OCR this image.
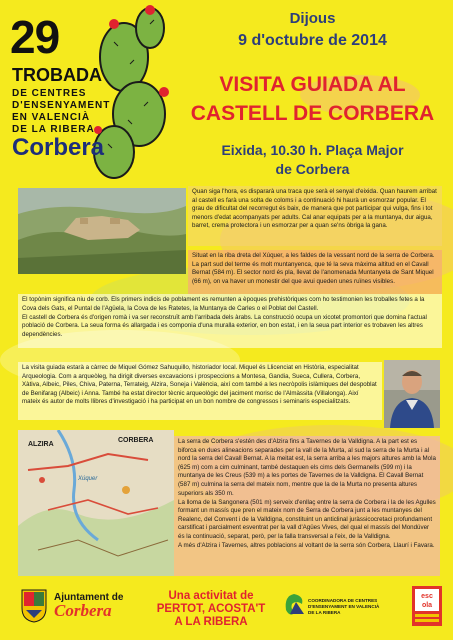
29
TROBADA
DE CENTRES
D'ENSENYAMENT
EN VALENCIÀ
DE LA RIBERA
Corbera
Dijous
9 d'octubre de 2014
VISITA GUIADA AL
CASTELL DE CORBERA
Eixida, 10.30 h. Plaça Major
de Corbera
Quan siga l'hora, es dispararà una traca que serà el senyal d'eixida. Quan haurem arribat al castell es farà una solta de coloms i a continuació hi haurà un esmorzar popular. El grau de dificultat del recorregut és baix, de manera que pot participar qui vulga, fins i tot menors d'edat acompanyats per adults. Cal anar equipats per a la muntanya, dur aigua, barret, crema protectora i un esmorzar per a quan se'ns òbriga la gana.
Situat en la riba dreta del Xúquer, a les faldes de la vessant nord de la serra de Corbera. La part sud del terme és molt muntanyenca, que té la seva màxima altitud en el Cavall Bernat (584 m). El sector nord és pla, llevat de l'anomenada Muntanyeta de Sant Miquel (66 m), on va haver un monestir del que avui queden unes ruïnes visibles.

El topònim significa niu de corb. Els primers indicis de poblament es remunten a èpoques prehistòriques com ho testimonien les troballes fetes a la Cova dels Gats, el Puntal de l'Agüela, la Cova de les Ratetes, la Muntanya de Carles o el Poblat del Castell.

El castell de Corbera és d'origen romà i va ser reconstruït amb l'arribada dels àrabs. La construcció ocupa un xicotet promontori que domina l'actual població de Corbera. La seua forma és allargada i es componia d'una muralla exterior, en bon estat, i en la seua part interior es trobaven les altres dependències.

La visita guiada estarà a càrrec de Miquel Gómez Sahuquillo, historiador local. Miquel és Llicenciat en Història, especialitat Arqueologia. Com a arqueòleg, ha dirigit diverses excavacions i prospeccions a Montesa, Gandia, Sueca, Cullera, Corbera, Xàtiva, Albeic, Piles, Chiva, Paterna, Terrateig, Alzira, Soneja i València, així com també a les necròpolis islàmiques del despoblat de Benifarag (Albeic) i Anna. També ha estat director tècnic arqueològic del jaciment morisc de l'Almàssita (Villalonga). Així mateix és autor de molts llibres d'investigació i ha participat en un bon nombre de congressos i seminaris especialitzats.
ALZIRA
CORBERA
Xúquer

La serra de Corbera s'estén des d'Alzira fins a Tavernes de la Valldigna. A la part est es biforca en dues alineacions separades per la vall de la Murta, al sud la serra de la Murta i al nord la serra del Cavall Bernat. A la meitat est, la serra arriba a les majors altures amb la Mola (625 m) com a cim culminant, també destaquen els cims dels Germanells (599 m) i la muntanya de les Creus (539 m) a les portes de Tavernes de la Valldigna. El Cavall Bernat (587 m) culmina la serra del mateix nom, mentre que la de la Murta no presenta altures superiors als 350 m.

La lloma de la Sangonera (501 m) serveix d'enllaç entre la serra de Corbera i la de les Agulles formant un massís que pren el mateix nom de Serra de Corbera junt a les muntanyes del Realenc, del Convent i de la Valldigna, constituint un anticlinal juràssicocretaci profundament carstificat i parcialment esventrat per la vall d'Agües Vives, del qual el massís del Mondúver és la continuació, separat, però, per la falla transversal a l'eix, de la Valldigna.

A més d'Alzira i Tavernes, altres poblacions al voltant de la serra són Corbera, Llaurí i Favara.

Ajuntament de
Corbera
Una activitat de
PERTOT, ACOSTA'T
A LA RIBERA
COORDINADORA DE CENTRES
D'ENSENYAMENT EN VALENCIÀ
DE LA RIBERA
esc
ola
